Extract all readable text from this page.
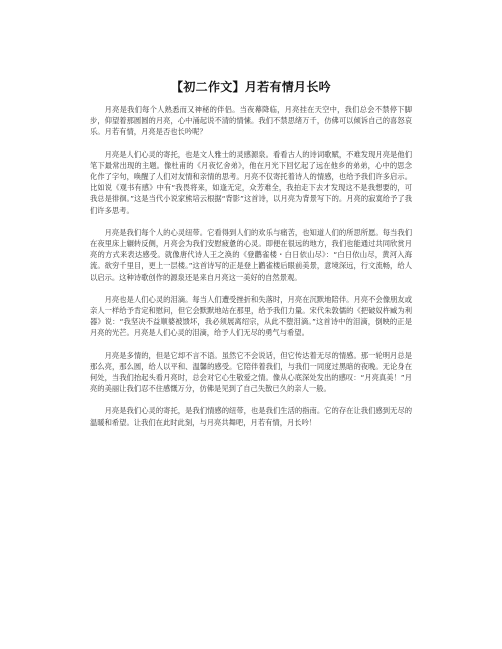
【初二作文】月若有情月长吟

月亮是我们每个人熟悉而又神秘的伴侣。当夜幕降临，月亮挂在天空中，我们总会不禁停下脚步，仰望着那圆圆的月亮，心中涌起说不清的情愫。我们不禁思绪万千，仿佛可以倾诉自己的喜怒哀乐。月若有情，月亮是否也长吟呢？

月亮是人们心灵的寄托，也是文人雅士的灵感源泉。看看古人的诗词歌赋，不难发现月亮是他们笔下最常出现的主题。像杜甫的《月夜忆舍弟》，他在月光下回忆起了远在他乡的弟弟，心中的思念化作了字句，唤醒了人们对友情和亲情的思考。月亮不仅寄托着诗人的情感，也给予我们许多启示。比如说《观书有感》中有“我畏将来，如逢无定，众芳难全，我拍走下去才发现这不是我想要的，可我总是徘徊。”这是当代小说家熊培云根据“背影”这首诗，以月亮为背景写下的。月亮的寂寞给予了我们许多思考。

月亮是我们每个人的心灵纽带。它看得到人们的欢乐与痛苦，也知道人们的所思所愿。每当我们在夜里床上辗转反侧，月亮会为我们安慰疲惫的心灵。即便在很远的地方，我们也能通过共同欣赏月亮的方式来表达感受。就像唐代诗人王之涣的《登鹳雀楼・白日依山尽》：“白日依山尽，黄河入海流。欲穷千里目，更上一层楼。”这首诗写的正是登上鹳雀楼后眼前美景，意境深远，行文流畅，给人以启示。这种诗歌创作的源泉还是来自月亮这一美好的自然景观。

月亮也是人们心灵的泪滴。每当人们遭受挫折和失落时，月亮在沉默地陪伴。月亮不会像朋友或亲人一样给予肯定和慰问，但它会默默地站在那里，给予我们力量。宋代朱敦儒的《把破奴杵臧为利器》说：“我坚决不益顺婆被馈坏，我必须展离绍宗，从此不堕泪滴。”这首诗中的泪滴，倒映的正是月亮的光芒。月亮是人们心灵的泪滴，给予人们无尽的勇气与希望。

月亮是多情的，但是它却不言不语。虽然它不会说话，但它传达着无尽的情感。那一轮明月总是那么亮，那么圆，给人以平和、温馨的感受。它陪伴着我们，与我们一同度过黑暗的夜晚。无论身在何处，当我们抬起头看月亮时，总会对它心生敬爱之情。像从心底深处发出的感叹：“月亮真美！”月亮的美丽让我们忍不住感慨万分，仿佛是见到了自己失散已久的亲人一般。

月亮是我们心灵的寄托，是我们情感的纽带，也是我们生活的指南。它的存在让我们感到无尽的温暖和希望。让我们在此时此刻，与月亮共舞吧，月若有情，月长吟！
